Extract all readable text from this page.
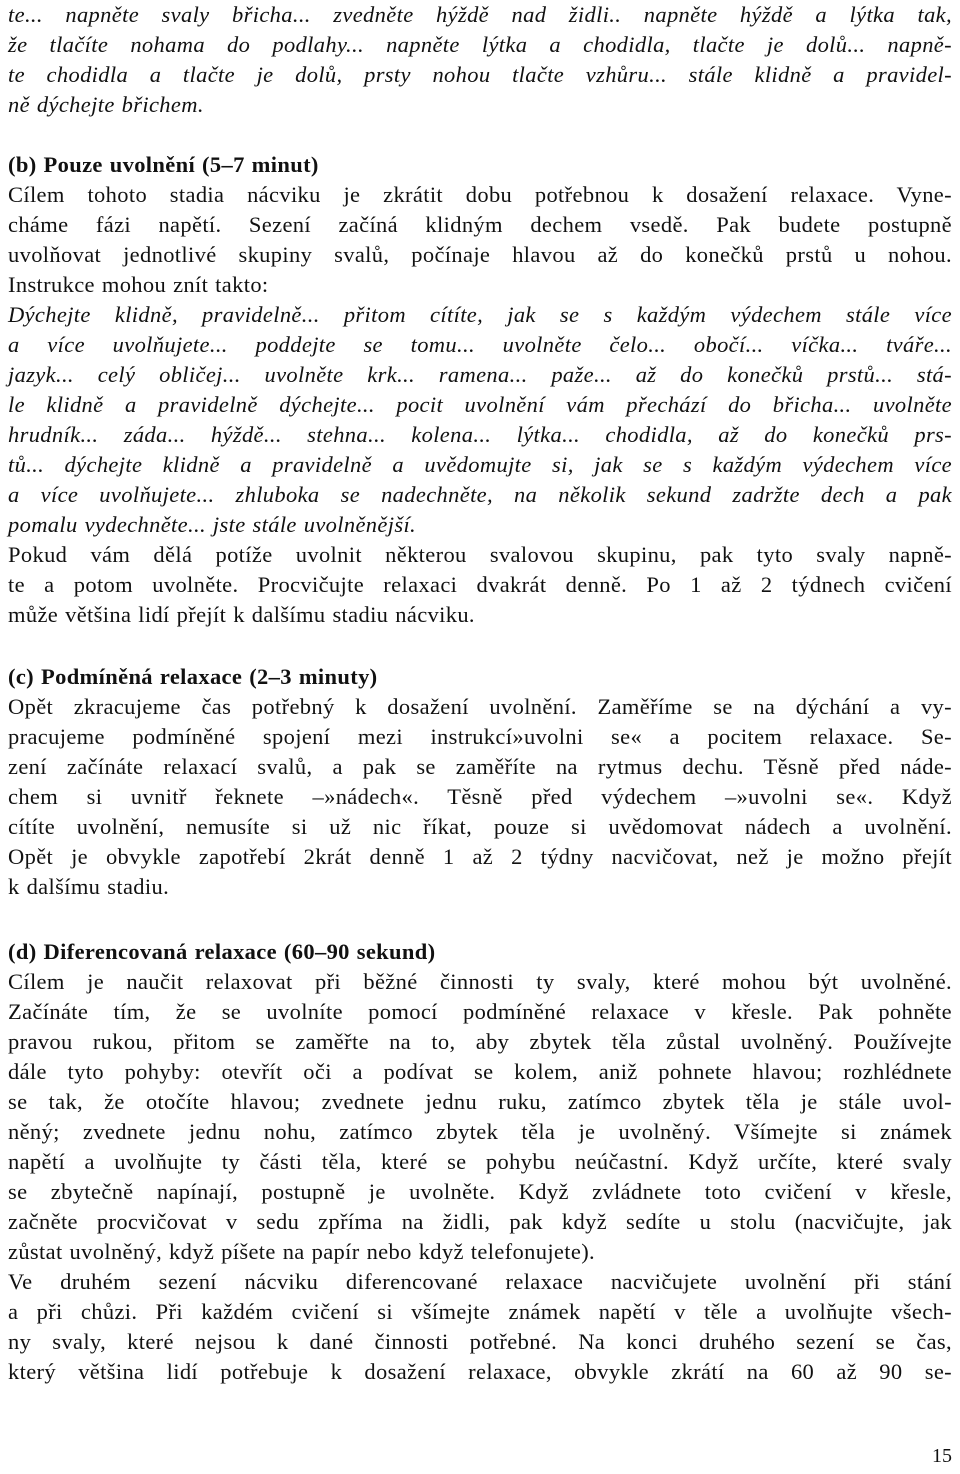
te... napněte svaly břicha... zvedněte hýždě nad židli.. napněte hýždě a lýtka tak,
že tlačíte nohama do podlahy... napněte lýtka a chodidla, tlačte je dolů... napně-
te chodidla a tlačte je dolů, prsty nohou tlačte vzhůru... stále klidně a pravidel-
ně dýchejte břichem.
(b) Pouze uvolnění (5–7 minut)
Cílem tohoto stadia nácviku je zkrátit dobu potřebnou k dosažení relaxace. Vyne-
cháme fázi napětí. Sezení začíná klidným dechem vsedě. Pak budete postupně
uvolňovat jednotlivé skupiny svalů, počínaje hlavou až do konečků prstů u nohou.
Instrukce mohou znít takto:
Dýchejte klidně, pravidelně... přitom cítíte, jak se s každým výdechem stále více
a více uvolňujete... poddejte se tomu... uvolněte čelo... obočí... víčka... tváře...
jazyk... celý obličej... uvolněte krk... ramena... paže... až do konečků prstů... stá-
le klidně a pravidelně dýchejte... pocit uvolnění vám přechází do břicha... uvolněte
hrudník... záda... hýždě... stehna... kolena... lýtka... chodidla, až do konečků prs-
tů... dýchejte klidně a pravidelně a uvědomujte si, jak se s každým výdechem více
a více uvolňujete... zhluboka se nadechněte, na několik sekund zadržte dech a pak
pomalu vydechněte... jste stále uvolněnější.
Pokud vám dělá potíže uvolnit některou svalovou skupinu, pak tyto svaly napně-
te a potom uvolněte. Procvičujte relaxaci dvakrát denně. Po 1 až 2 týdnech cvičení
může většina lidí přejít k dalšímu stadiu nácviku.
(c) Podmíněná relaxace (2–3 minuty)
Opět zkracujeme čas potřebný k dosažení uvolnění. Zaměříme se na dýchání a vy-
pracujeme podmíněné spojení mezi instrukcí»uvolni se« a pocitem relaxace. Se-
zení začínáte relaxací svalů, a pak se zaměříte na rytmus dechu. Těsně před náde-
chem si uvnitř řeknete –»nádech«. Těsně před výdechem –»uvolni se«. Když
cítíte uvolnění, nemusíte si už nic říkat, pouze si uvědomovat nádech a uvolnění.
Opět je obvykle zapotřebí 2krát denně 1 až 2 týdny nacvičovat, než je možno přejít
k dalšímu stadiu.
(d) Diferencovaná relaxace (60–90 sekund)
Cílem je naučit relaxovat při běžné činnosti ty svaly, které mohou být uvolněné.
Začínáte tím, že se uvolníte pomocí podmíněné relaxace v křesle. Pak pohněte
pravou rukou, přitom se zaměřte na to, aby zbytek těla zůstal uvolněný. Používejte
dále tyto pohyby: otevřít oči a podívat se kolem, aniž pohnete hlavou; rozhlédnete
se tak, že otočíte hlavou; zvednete jednu ruku, zatímco zbytek těla je stále uvol-
něný; zvednete jednu nohu, zatímco zbytek těla je uvolněný. Všímejte si známek
napětí a uvolňujte ty části těla, které se pohybu neúčastní. Když určíte, které svaly
se zbytečně napínají, postupně je uvolněte. Když zvládnete toto cvičení v křesle,
začněte procvičovat v sedu zpříma na židli, pak když sedíte u stolu (nacvičujte, jak
zůstat uvolněný, když píšete na papír nebo když telefonujete).
Ve druhém sezení nácviku diferencované relaxace nacvičujete uvolnění při stání
a při chůzi. Při každém cvičení si všímejte známek napětí v těle a uvolňujte všech-
ny svaly, které nejsou k dané činnosti potřebné. Na konci druhého sezení se čas,
který většina lidí potřebuje k dosažení relaxace, obvykle zkrátí na 60 až 90 se-
15
